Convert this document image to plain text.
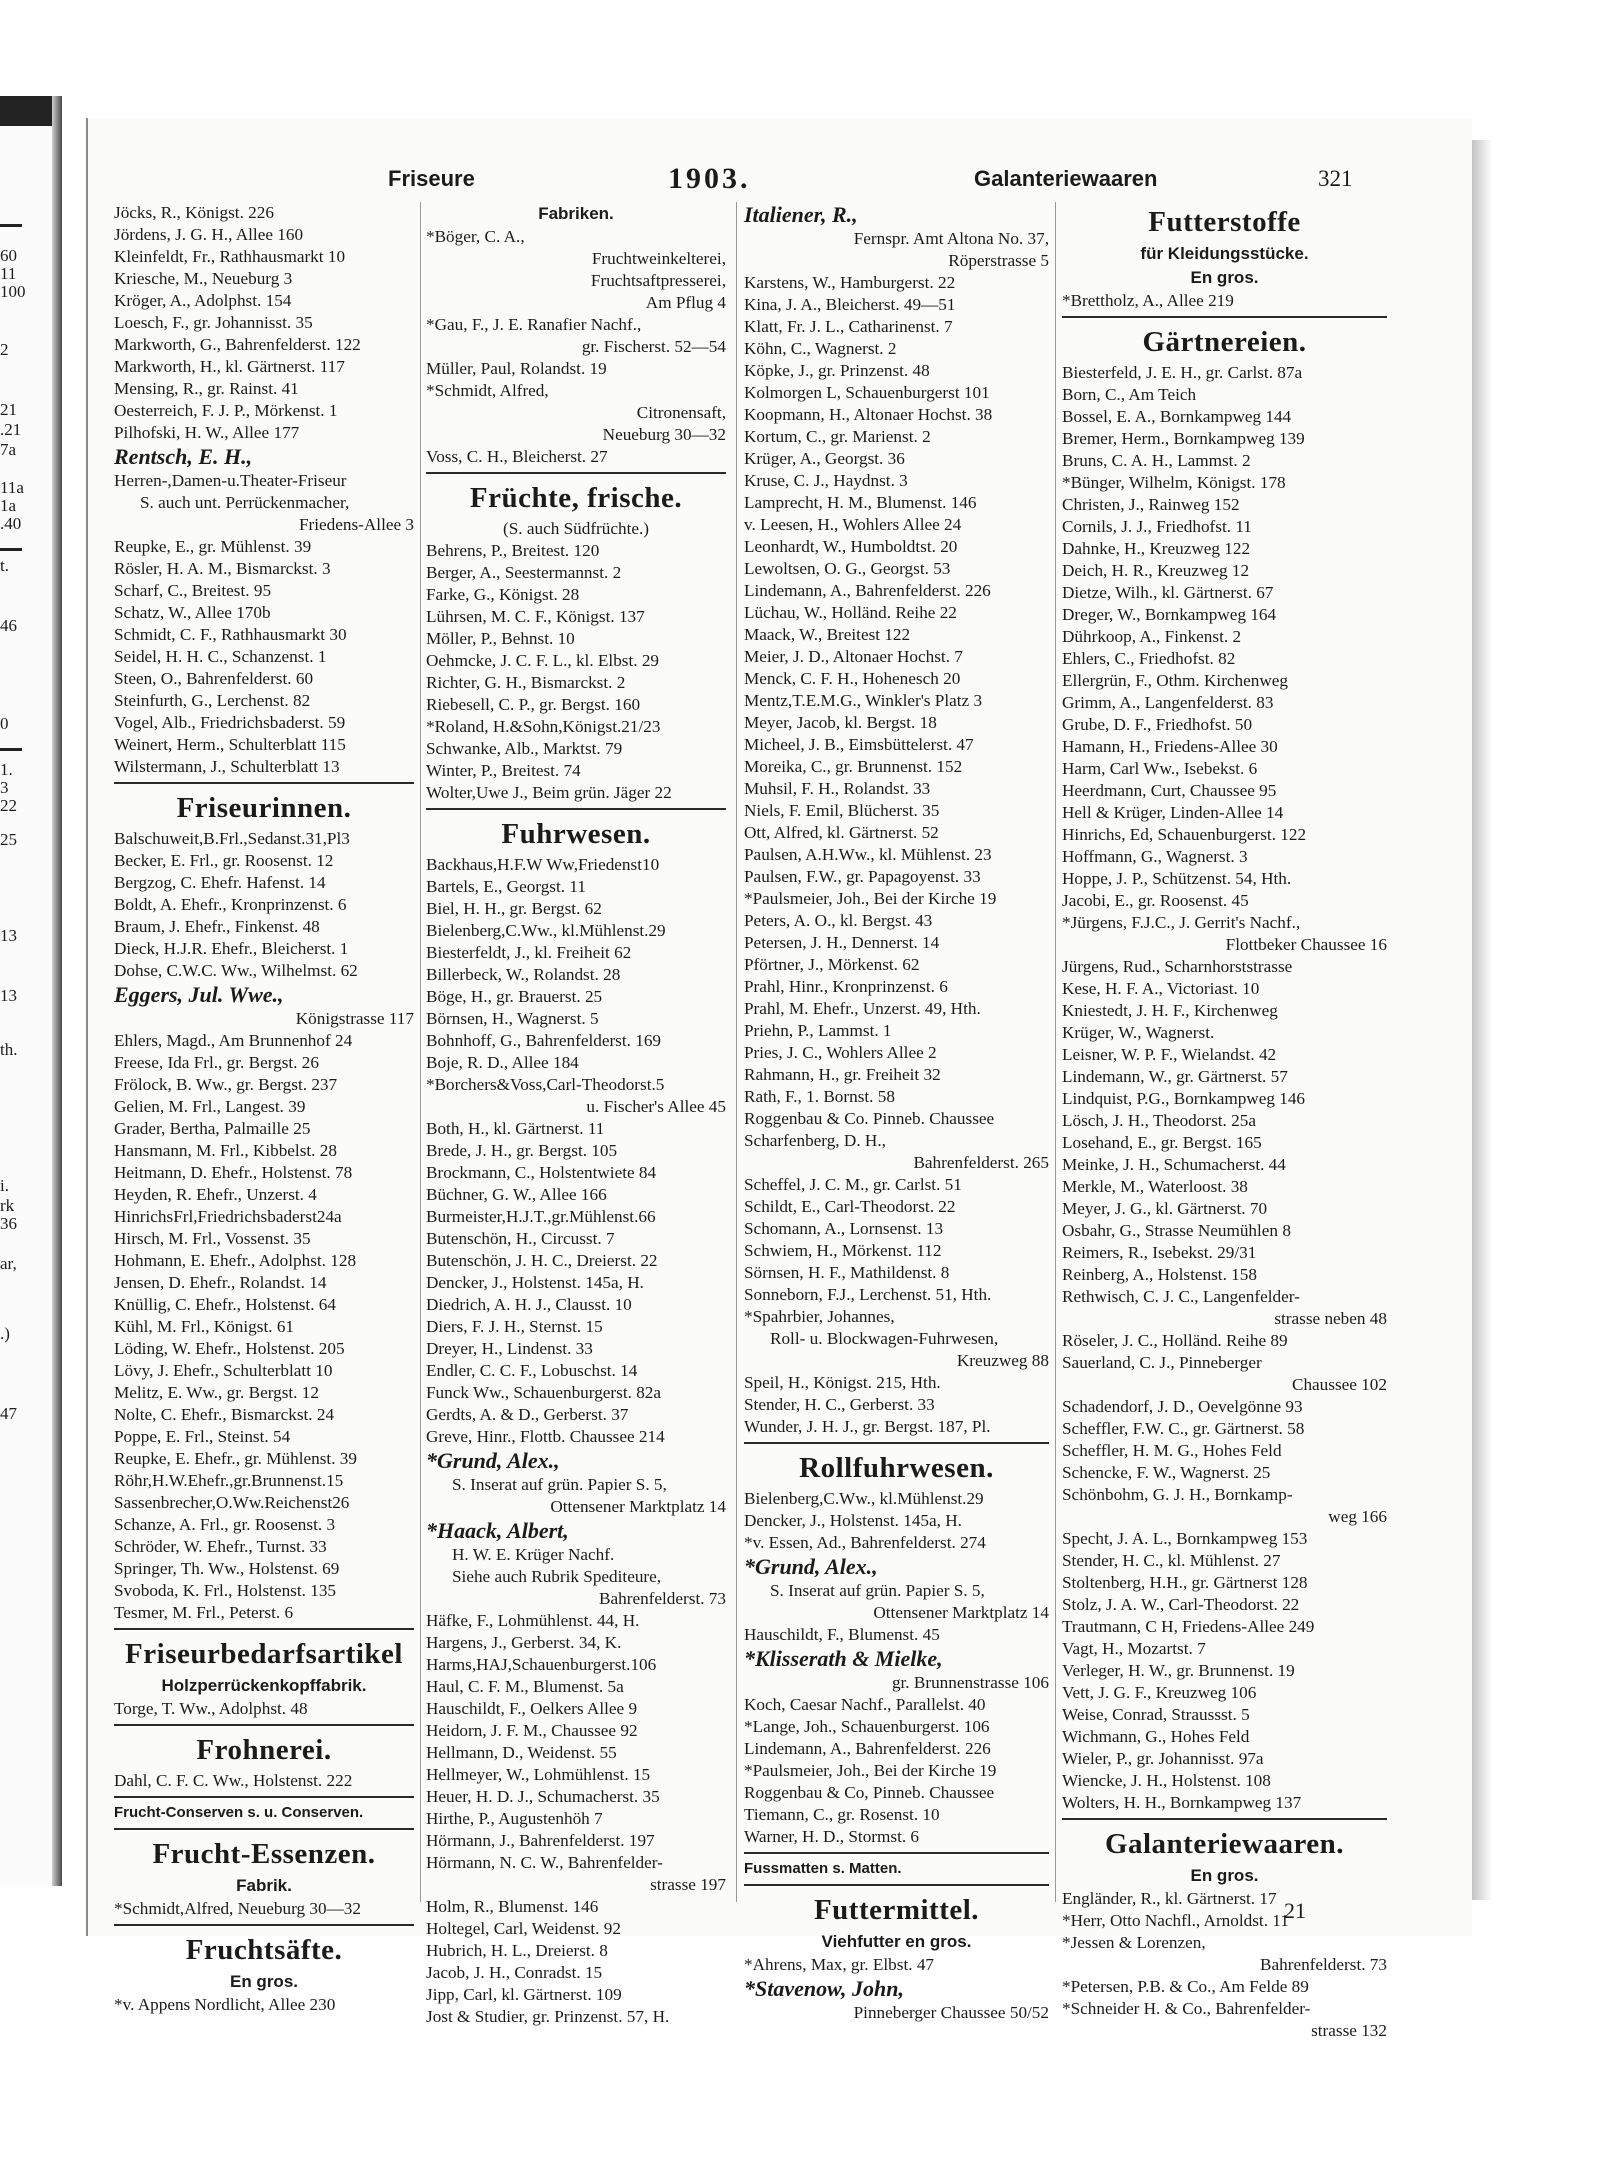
60
11
100
2
21
.21
7a
11a
1a
.40
t.
46
0
1.
3
22
25
13
13
th.
i.
rk
36
ar,
.)
47
Friseure	1903.	Galanteriewaaren	321
Jöcks, R., Königst. 226
Jördens, J. G. H., Allee 160
Kleinfeldt, Fr., Rathhausmarkt 10
Kriesche, M., Neueburg 3
Kröger, A., Adolphst. 154
Loesch, F., gr. Johannisst. 35
Markworth, G., Bahrenfelderst. 122
Markworth, H., kl. Gärtnerst. 117
Mensing, R., gr. Rainst. 41
Oesterreich, F. J. P., Mörkenst. 1
Pilhofski, H. W., Allee 177
Rentsch, E. H.,
Herren-,Damen-u.Theater-Friseur
S. auch unt. Perrückenmacher,
Friedens-Allee 3
Reupke, E., gr. Mühlenst. 39
Rösler, H. A. M., Bismarckst. 3
Scharf, C., Breitest. 95
Schatz, W., Allee 170b
Schmidt, C. F., Rathhausmarkt 30
Seidel, H. H. C., Schanzenst. 1
Steen, O., Bahrenfelderst. 60
Steinfurth, G., Lerchenst. 82
Vogel, Alb., Friedrichsbaderst. 59
Weinert, Herm., Schulterblatt 115
Wilstermann, J., Schulterblatt 13
Friseurinnen.
Balschuweit,B.Frl.,Sedanst.31,Pl3
Becker, E. Frl., gr. Roosenst. 12
Bergzog, C. Ehefr. Hafenst. 14
Boldt, A. Ehefr., Kronprinzenst. 6
Braum, J. Ehefr., Finkenst. 48
Dieck, H.J.R. Ehefr., Bleicherst. 1
Dohse, C.W.C. Ww., Wilhelmst. 62
Eggers, Jul. Wwe.,
Königstrasse 117
Ehlers, Magd., Am Brunnenhof 24
Freese, Ida Frl., gr. Bergst. 26
Frölock, B. Ww., gr. Bergst. 237
Gelien, M. Frl., Langest. 39
Grader, Bertha, Palmaille 25
Hansmann, M. Frl., Kibbelst. 28
Heitmann, D. Ehefr., Holstenst. 78
Heyden, R. Ehefr., Unzerst. 4
HinrichsFrl,Friedrichsbaderst24a
Hirsch, M. Frl., Vossenst. 35
Hohmann, E. Ehefr., Adolphst. 128
Jensen, D. Ehefr., Rolandst. 14
Knüllig, C. Ehefr., Holstenst. 64
Kühl, M. Frl., Königst. 61
Löding, W. Ehefr., Holstenst. 205
Lövy, J. Ehefr., Schulterblatt 10
Melitz, E. Ww., gr. Bergst. 12
Nolte, C. Ehefr., Bismarckst. 24
Poppe, E. Frl., Steinst. 54
Reupke, E. Ehefr., gr. Mühlenst. 39
Röhr,H.W.Ehefr.,gr.Brunnenst.15
Sassenbrecher,O.Ww.Reichenst26
Schanze, A. Frl., gr. Roosenst. 3
Schröder, W. Ehefr., Turnst. 33
Springer, Th. Ww., Holstenst. 69
Svoboda, K. Frl., Holstenst. 135
Tesmer, M. Frl., Peterst. 6
Friseurbedarfsartikel
Holzperrückenkopffabrik.
Torge, T. Ww., Adolphst. 48
Frohnerei.
Dahl, C. F. C. Ww., Holstenst. 222
Frucht-Conserven s. u. Conserven.
Frucht-Essenzen.
Fabrik.
*Schmidt,Alfred, Neueburg 30—32
Fruchtsäfte.
En gros.
*v. Appens Nordlicht, Allee 230
Fabriken.
*Böger, C. A.,
Fruchtweinkelterei,
Fruchtsaftpresserei,
Am Pflug 4
*Gau, F., J. E. Ranafier Nachf.,
gr. Fischerst. 52—54
Müller, Paul, Rolandst. 19
*Schmidt, Alfred,
Citronensaft,
Neueburg 30—32
Voss, C. H., Bleicherst. 27
Früchte, frische.
(S. auch Südfrüchte.)
Behrens, P., Breitest. 120
Berger, A., Seestermannst. 2
Farke, G., Königst. 28
Lührsen, M. C. F., Königst. 137
Möller, P., Behnst. 10
Oehmcke, J. C. F. L., kl. Elbst. 29
Richter, G. H., Bismarckst. 2
Riebesell, C. P., gr. Bergst. 160
*Roland, H.&Sohn,Königst.21/23
Schwanke, Alb., Marktst. 79
Winter, P., Breitest. 74
Wolter,Uwe J., Beim grün. Jäger 22
Fuhrwesen.
Backhaus,H.F.W Ww,Friedenst10
Bartels, E., Georgst. 11
Biel, H. H., gr. Bergst. 62
Bielenberg,C.Ww., kl.Mühlenst.29
Biesterfeldt, J., kl. Freiheit 62
Billerbeck, W., Rolandst. 28
Böge, H., gr. Brauerst. 25
Börnsen, H., Wagnerst. 5
Bohnhoff, G., Bahrenfelderst. 169
Boje, R. D., Allee 184
*Borchers&Voss,Carl-Theodorst.5
u. Fischer's Allee 45
Both, H., kl. Gärtnerst. 11
Brede, J. H., gr. Bergst. 105
Brockmann, C., Holstentwiete 84
Büchner, G. W., Allee 166
Burmeister,H.J.T.,gr.Mühlenst.66
Butenschön, H., Circusst. 7
Butenschön, J. H. C., Dreierst. 22
Dencker, J., Holstenst. 145a, H.
Diedrich, A. H. J., Clausst. 10
Diers, F. J. H., Sternst. 15
Dreyer, H., Lindenst. 33
Endler, C. C. F., Lobuschst. 14
Funck Ww., Schauenburgerst. 82a
Gerdts, A. & D., Gerberst. 37
Greve, Hinr., Flottb. Chaussee 214
*Grund, Alex.,
S. Inserat auf grün. Papier S. 5,
Ottensener Marktplatz 14
*Haack, Albert,
H. W. E. Krüger Nachf.
Siehe auch Rubrik Spediteure,
Bahrenfelderst. 73
Häfke, F., Lohmühlenst. 44, H.
Hargens, J., Gerberst. 34, K.
Harms,HAJ,Schauenburgerst.106
Haul, C. F. M., Blumenst. 5a
Hauschildt, F., Oelkers Allee 9
Heidorn, J. F. M., Chaussee 92
Hellmann, D., Weidenst. 55
Hellmeyer, W., Lohmühlenst. 15
Heuer, H. D. J., Schumacherst. 35
Hirthe, P., Augustenhöh 7
Hörmann, J., Bahrenfelderst. 197
Hörmann, N. C. W., Bahrenfelder-
strasse 197
Holm, R., Blumenst. 146
Holtegel, Carl, Weidenst. 92
Hubrich, H. L., Dreierst. 8
Jacob, J. H., Conradst. 15
Jipp, Carl, kl. Gärtnerst. 109
Jost & Studier, gr. Prinzenst. 57, H.
Italiener, R.,
Fernspr. Amt Altona No. 37,
Röperstrasse 5
Karstens, W., Hamburgerst. 22
Kina, J. A., Bleicherst. 49—51
Klatt, Fr. J. L., Catharinenst. 7
Köhn, C., Wagnerst. 2
Köpke, J., gr. Prinzenst. 48
Kolmorgen L, Schauenburgerst 101
Koopmann, H., Altonaer Hochst. 38
Kortum, C., gr. Marienst. 2
Krüger, A., Georgst. 36
Kruse, C. J., Haydnst. 3
Lamprecht, H. M., Blumenst. 146
v. Leesen, H., Wohlers Allee 24
Leonhardt, W., Humboldtst. 20
Lewoltsen, O. G., Georgst. 53
Lindemann, A., Bahrenfelderst. 226
Lüchau, W., Holländ. Reihe 22
Maack, W., Breitest 122
Meier, J. D., Altonaer Hochst. 7
Menck, C. F. H., Hohenesch 20
Mentz,T.E.M.G., Winkler's Platz 3
Meyer, Jacob, kl. Bergst. 18
Micheel, J. B., Eimsbüttelerst. 47
Moreika, C., gr. Brunnenst. 152
Muhsil, F. H., Rolandst. 33
Niels, F. Emil, Blücherst. 35
Ott, Alfred, kl. Gärtnerst. 52
Paulsen, A.H.Ww., kl. Mühlenst. 23
Paulsen, F.W., gr. Papagoyenst. 33
*Paulsmeier, Joh., Bei der Kirche 19
Peters, A. O., kl. Bergst. 43
Petersen, J. H., Dennerst. 14
Pförtner, J., Mörkenst. 62
Prahl, Hinr., Kronprinzenst. 6
Prahl, M. Ehefr., Unzerst. 49, Hth.
Priehn, P., Lammst. 1
Pries, J. C., Wohlers Allee 2
Rahmann, H., gr. Freiheit 32
Rath, F., 1. Bornst. 58
Roggenbau & Co. Pinneb. Chaussee
Scharfenberg, D. H.,
Bahrenfelderst. 265
Scheffel, J. C. M., gr. Carlst. 51
Schildt, E., Carl-Theodorst. 22
Schomann, A., Lornsenst. 13
Schwiem, H., Mörkenst. 112
Sörnsen, H. F., Mathildenst. 8
Sonneborn, F.J., Lerchenst. 51, Hth.
*Spahrbier, Johannes,
Roll- u. Blockwagen-Fuhrwesen,
Kreuzweg 88
Speil, H., Königst. 215, Hth.
Stender, H. C., Gerberst. 33
Wunder, J. H. J., gr. Bergst. 187, Pl.
Rollfuhrwesen.
Bielenberg,C.Ww., kl.Mühlenst.29
Dencker, J., Holstenst. 145a, H.
*v. Essen, Ad., Bahrenfelderst. 274
*Grund, Alex.,
S. Inserat auf grün. Papier S. 5,
Ottensener Marktplatz 14
Hauschildt, F., Blumenst. 45
*Klisserath & Mielke,
gr. Brunnenstrasse 106
Koch, Caesar Nachf., Parallelst. 40
*Lange, Joh., Schauenburgerst. 106
Lindemann, A., Bahrenfelderst. 226
*Paulsmeier, Joh., Bei der Kirche 19
Roggenbau & Co, Pinneb. Chaussee
Tiemann, C., gr. Rosenst. 10
Warner, H. D., Stormst. 6
Fussmatten s. Matten.
Futtermittel.
Viehfutter en gros.
*Ahrens, Max, gr. Elbst. 47
*Stavenow, John,
Pinneberger Chaussee 50/52
Futterstoffe
für Kleidungsstücke.
En gros.
*Brettholz, A., Allee 219
Gärtnereien.
Biesterfeld, J. E. H., gr. Carlst. 87a
Born, C., Am Teich
Bossel, E. A., Bornkampweg 144
Bremer, Herm., Bornkampweg 139
Bruns, C. A. H., Lammst. 2
*Bünger, Wilhelm, Königst. 178
Christen, J., Rainweg 152
Cornils, J. J., Friedhofst. 11
Dahnke, H., Kreuzweg 122
Deich, H. R., Kreuzweg 12
Dietze, Wilh., kl. Gärtnerst. 67
Dreger, W., Bornkampweg 164
Dührkoop, A., Finkenst. 2
Ehlers, C., Friedhofst. 82
Ellergrün, F., Othm. Kirchenweg
Grimm, A., Langenfelderst. 83
Grube, D. F., Friedhofst. 50
Hamann, H., Friedens-Allee 30
Harm, Carl Ww., Isebekst. 6
Heerdmann, Curt, Chaussee 95
Hell & Krüger, Linden-Allee 14
Hinrichs, Ed, Schauenburgerst. 122
Hoffmann, G., Wagnerst. 3
Hoppe, J. P., Schützenst. 54, Hth.
Jacobi, E., gr. Roosenst. 45
*Jürgens, F.J.C., J. Gerrit's Nachf.,
Flottbeker Chaussee 16
Jürgens, Rud., Scharnhorststrasse
Kese, H. F. A., Victoriast. 10
Kniestedt, J. H. F., Kirchenweg
Krüger, W., Wagnerst.
Leisner, W. P. F., Wielandst. 42
Lindemann, W., gr. Gärtnerst. 57
Lindquist, P.G., Bornkampweg 146
Lösch, J. H., Theodorst. 25a
Losehand, E., gr. Bergst. 165
Meinke, J. H., Schumacherst. 44
Merkle, M., Waterloost. 38
Meyer, J. G., kl. Gärtnerst. 70
Osbahr, G., Strasse Neumühlen 8
Reimers, R., Isebekst. 29/31
Reinberg, A., Holstenst. 158
Rethwisch, C. J. C., Langenfelder-
strasse neben 48
Röseler, J. C., Holländ. Reihe 89
Sauerland, C. J., Pinneberger
Chaussee 102
Schadendorf, J. D., Oevelgönne 93
Scheffler, F.W. C., gr. Gärtnerst. 58
Scheffler, H. M. G., Hohes Feld
Schencke, F. W., Wagnerst. 25
Schönbohm, G. J. H., Bornkamp-
weg 166
Specht, J. A. L., Bornkampweg 153
Stender, H. C., kl. Mühlenst. 27
Stoltenberg, H.H., gr. Gärtnerst 128
Stolz, J. A. W., Carl-Theodorst. 22
Trautmann, C H, Friedens-Allee 249
Vagt, H., Mozartst. 7
Verleger, H. W., gr. Brunnenst. 19
Vett, J. G. F., Kreuzweg 106
Weise, Conrad, Straussst. 5
Wichmann, G., Hohes Feld
Wieler, P., gr. Johannisst. 97a
Wiencke, J. H., Holstenst. 108
Wolters, H. H., Bornkampweg 137
Galanteriewaaren.
En gros.
Engländer, R., kl. Gärtnerst. 17
*Herr, Otto Nachfl., Arnoldst. 11
*Jessen & Lorenzen,
Bahrenfelderst. 73
*Petersen, P.B. & Co., Am Felde 89
*Schneider H. & Co., Bahrenfelder-
strasse 132
21
